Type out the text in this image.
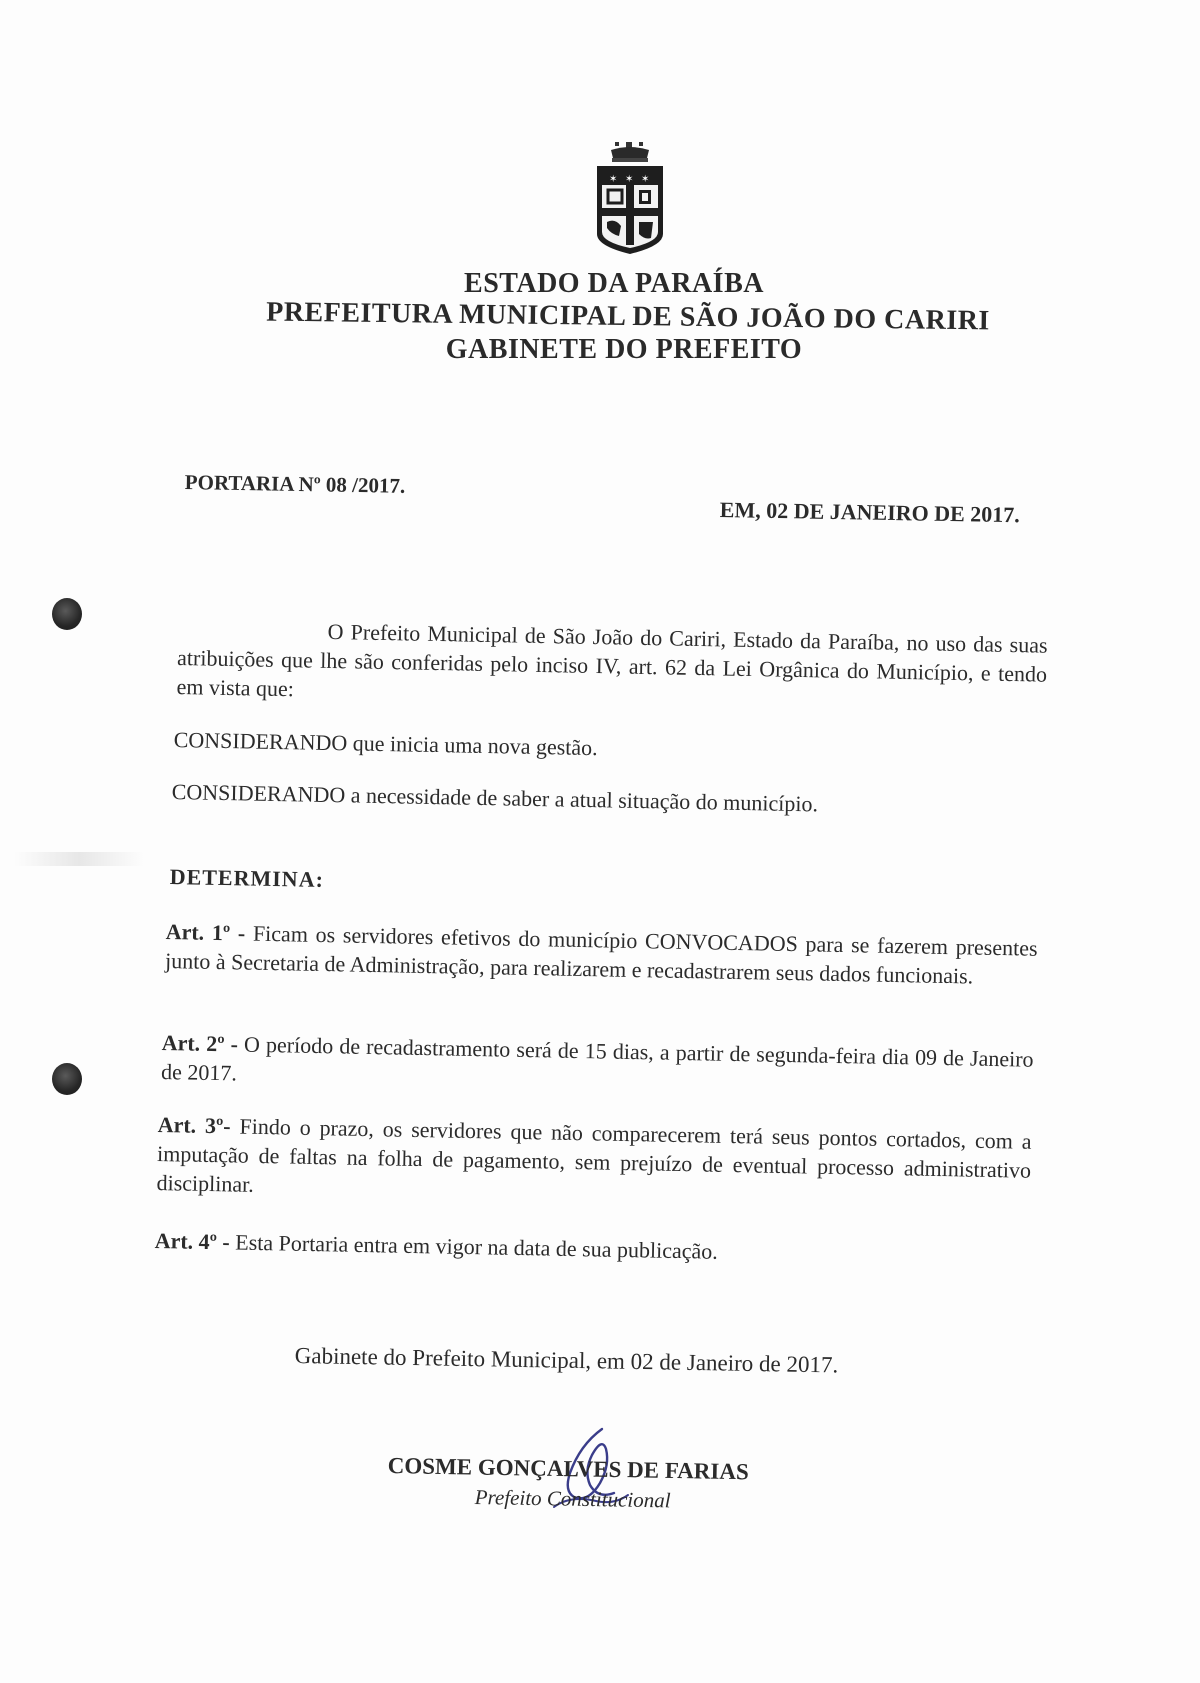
✶ ✶ ✶
ESTADO DA PARAÍBA
PREFEITURA MUNICIPAL DE SÃO JOÃO DO CARIRI
GABINETE DO PREFEITO
PORTARIA Nº 08 /2017.
EM, 02 DE JANEIRO DE 2017.
O Prefeito Municipal de São João do Cariri, Estado da Paraíba, no uso das suas atribuições que lhe são conferidas pelo inciso IV, art. 62 da Lei Orgânica do Município, e tendo em vista que:
CONSIDERANDO que inicia uma nova gestão.
CONSIDERANDO a necessidade de saber a atual situação do município.
DETERMINA:
Art. 1º - Ficam os servidores efetivos do município CONVOCADOS para se fazerem presentes junto à Secretaria de Administração, para realizarem e recadastrarem seus dados funcionais.
Art. 2º - O período de recadastramento será de 15 dias, a partir de segunda-feira dia 09 de Janeiro de 2017.
Art. 3º- Findo o prazo, os servidores que não comparecerem terá seus pontos cortados, com a imputação de faltas na folha de pagamento, sem prejuízo de eventual processo administrativo disciplinar.
Art. 4º - Esta Portaria entra em vigor na data de sua publicação.
Gabinete do Prefeito Municipal, em 02 de Janeiro de 2017.
COSME GONÇALVES DE FARIAS
Prefeito Constitucional
